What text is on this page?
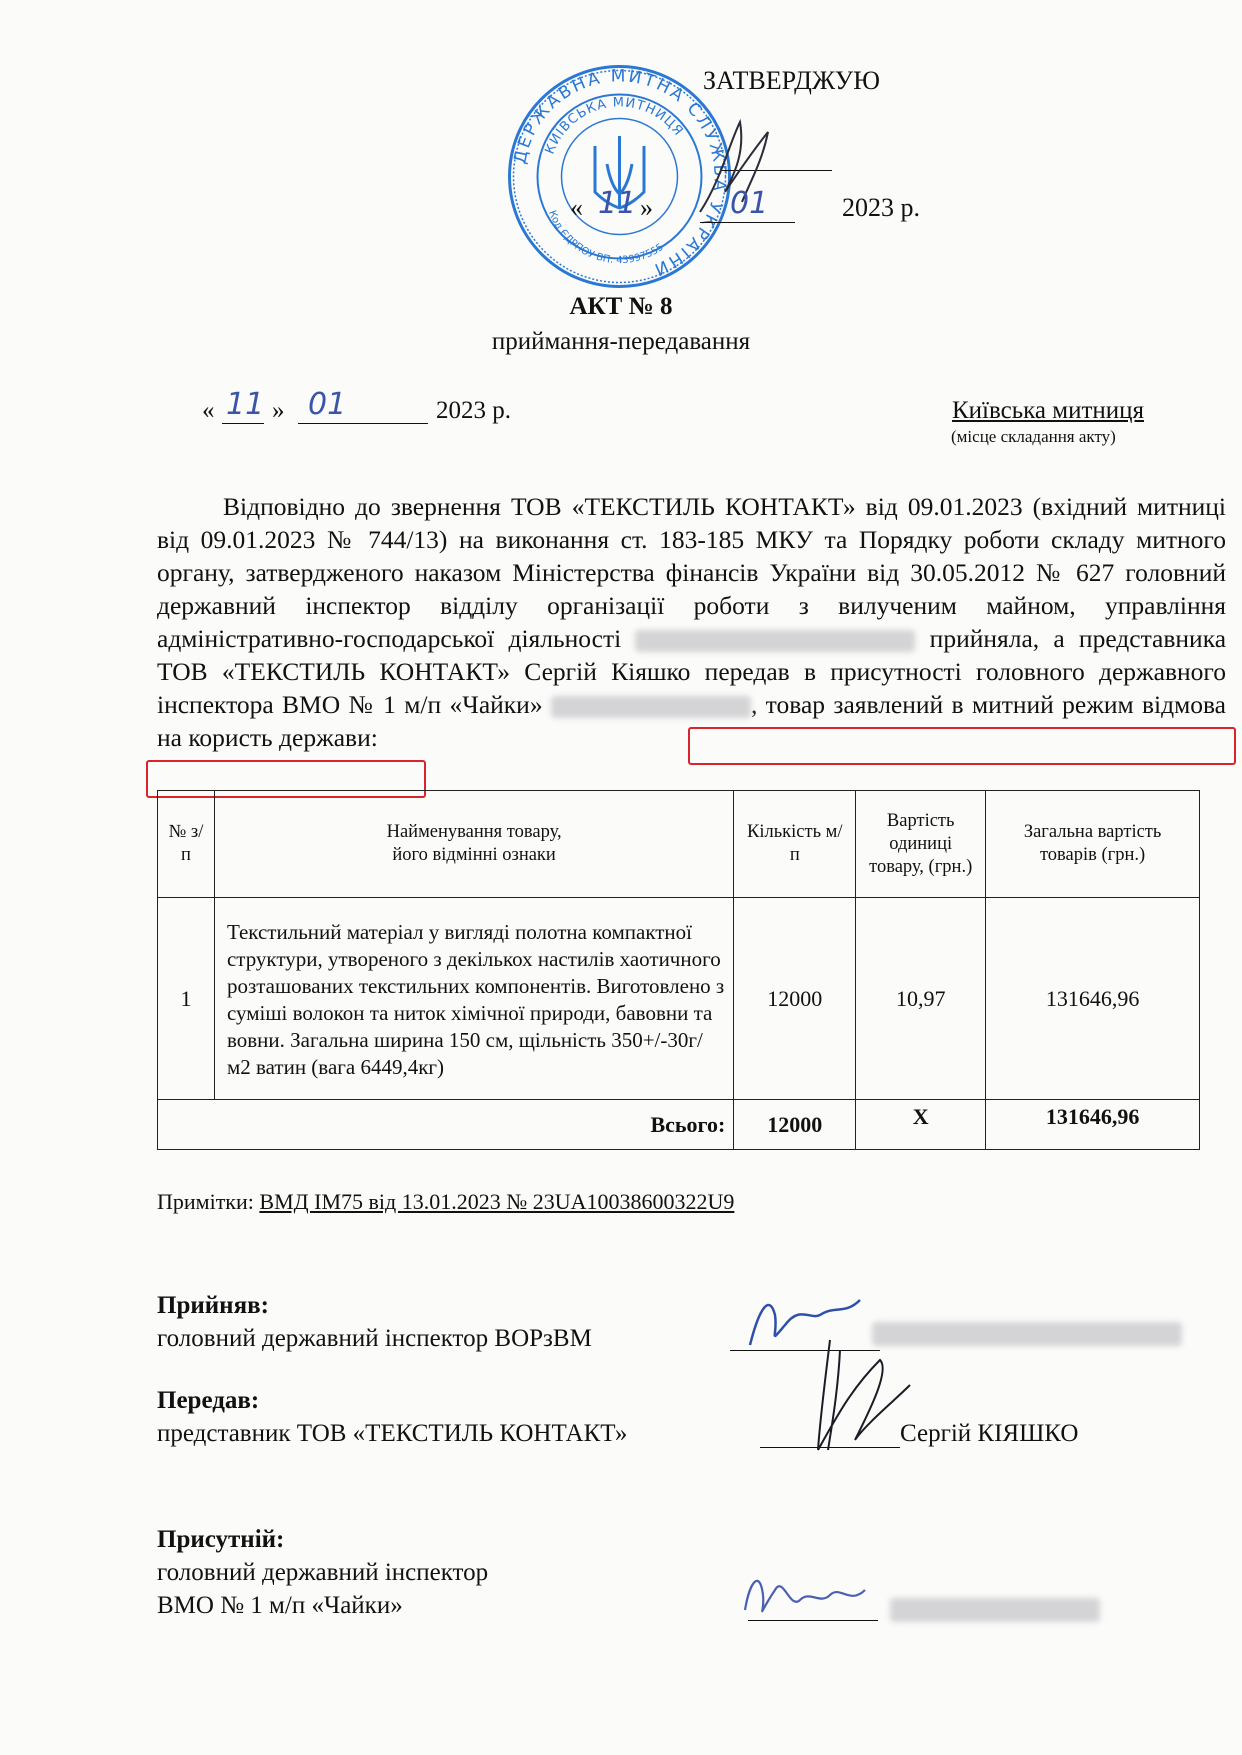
ДЕРЖАВНА МИТНА СЛУЖБА УКРАЇНИ
КИЇВСЬКА МИТНИЦЯ
Код ЄДРПОУ ВП: 43997555
ЗАТВЕРДЖУЮ
« 11 »	01	2023 р.
АКТ № 8
приймання-передавання
« 11 » 01	2023 р.	Київська митниця
(місце складання акту)

Відповідно до звернення ТОВ «ТЕКСТИЛЬ КОНТАКТ» від 09.01.2023 (вхідний митниці від 09.01.2023 № 744/13) на виконання ст. 183-185 МКУ та Порядку роботи складу митного органу, затвердженого наказом Міністерства фінансів України від 30.05.2012 № 627 головний державний інспектор відділу організації роботи з вилученим майном, управління адміністративно-господарської діяльності	прийняла, а представника ТОВ «ТЕКСТИЛЬ КОНТАКТ» Сергій Кіяшко передав в присутності головного державного інспектора ВМО № 1 м/п «Чайки»	, товар заявлений в митний режим відмова на користь держави:

№ з/п	Найменування товару,
його відмінні ознаки	Кількість м/п	Вартість одиниці товару, (грн.)	Загальна вартість товарів (грн.)
1	Текстильний матеріал у вигляді полотна компактної структури, утвореного з декількох настилів хаотичного розташованих текстильних компонентів. Виготовлено з суміші волокон та ниток хімічної природи, бавовни та вовни. Загальна ширина 150 см, щільність 350+/-30г/м2 ватин (вага 6449,4кг)	12000	10,97	131646,96
Всього:		12000	Х	131646,96
Примітки: ВМД ІМ75 від 13.01.2023 № 23UA10038600322U9
Прийняв:
головний державний інспектор ВОРзВМ
Передав:
представник ТОВ «ТЕКСТИЛЬ КОНТАКТ»	Сергій КІЯШКО
Присутній:
головний державний інспектор
ВМО № 1 м/п «Чайки»
